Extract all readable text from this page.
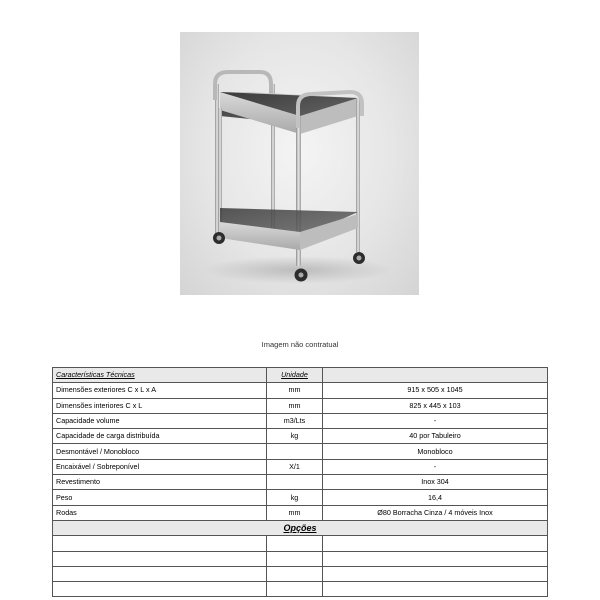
Imagem não contratual
Características Técnicas	Unidade	
Dimensões exteriores C x L x A	mm	915 x 505 x 1045
Dimensões interiores C x L	mm	825 x 445 x 103
Capacidade volume	m3/Lts	-
Capacidade de carga distribuída	kg	40 por Tabuleiro
Desmontável / Monobloco		Monobloco
Encaixável / Sobreponível	X/1	-
Revestimento		Inox 304
Peso	kg	16,4
Rodas	mm	Ø80 Borracha Cinza / 4 móveis Inox
Opções		
